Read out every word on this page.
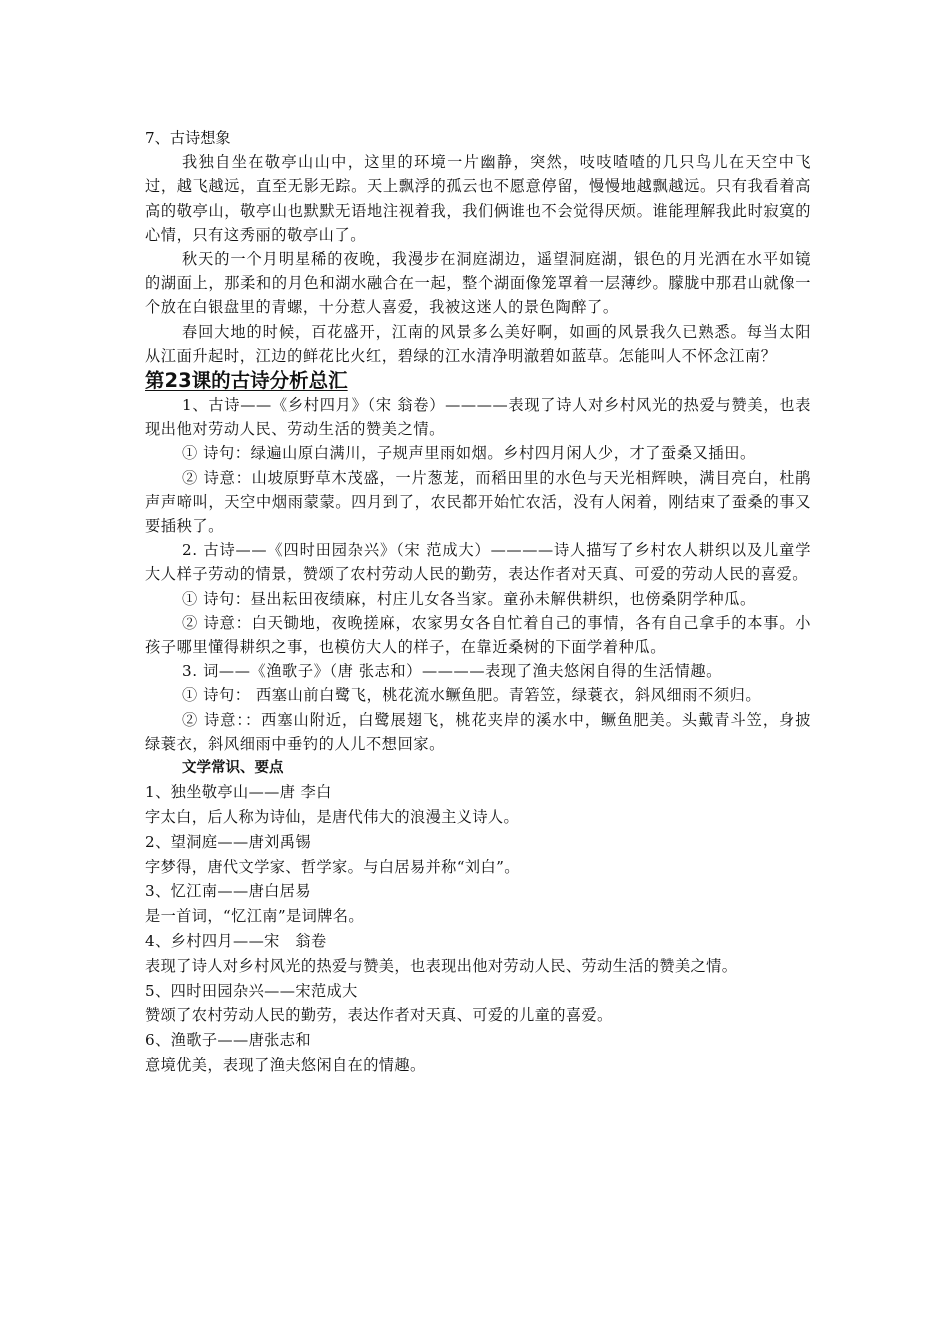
7、古诗想象

我独自坐在敬亭山山中，这里的环境一片幽静，突然，吱吱喳喳的几只鸟儿在天空中飞过，越飞越远，直至无影无踪。天上飘浮的孤云也不愿意停留，慢慢地越飘越远。只有我看着高高的敬亭山，敬亭山也默默无语地注视着我，我们俩谁也不会觉得厌烦。谁能理解我此时寂寞的心情，只有这秀丽的敬亭山了。

秋天的一个月明星稀的夜晚，我漫步在洞庭湖边，遥望洞庭湖，银色的月光洒在水平如镜的湖面上，那柔和的月色和湖水融合在一起，整个湖面像笼罩着一层薄纱。朦胧中那君山就像一个放在白银盘里的青螺，十分惹人喜爱，我被这迷人的景色陶醉了。

春回大地的时候，百花盛开，江南的风景多么美好啊，如画的风景我久已熟悉。每当太阳从江面升起时，江边的鲜花比火红，碧绿的江水清净明澈碧如蓝草。怎能叫人不怀念江南？

第23课的古诗分析总汇

1、古诗——《乡村四月》（宋 翁卷）————表现了诗人对乡村风光的热爱与赞美，也表现出他对劳动人民、劳动生活的赞美之情。

① 诗句：绿遍山原白满川，子规声里雨如烟。乡村四月闲人少，才了蚕桑又插田。

② 诗意：山坡原野草木茂盛，一片葱茏，而稻田里的水色与天光相辉映，满目亮白，杜鹃声声啼叫，天空中烟雨蒙蒙。四月到了，农民都开始忙农活，没有人闲着，刚结束了蚕桑的事又要插秧了。

2. 古诗——《四时田园杂兴》（宋 范成大）————诗人描写了乡村农人耕织以及儿童学大人样子劳动的情景，赞颂了农村劳动人民的勤劳，表达作者对天真、可爱的劳动人民的喜爱。

① 诗句：昼出耘田夜绩麻，村庄儿女各当家。童孙未解供耕织，也傍桑阴学种瓜。

② 诗意：白天锄地，夜晚搓麻，农家男女各自忙着自己的事情，各有自己拿手的本事。小孩子哪里懂得耕织之事，也模仿大人的样子，在靠近桑树的下面学着种瓜。

3. 词——《渔歌子》（唐 张志和）————表现了渔夫悠闲自得的生活情趣。

① 诗句： 西塞山前白鹭飞，桃花流水鳜鱼肥。青箬笠，绿蓑衣，斜风细雨不须归。

② 诗意：：西塞山附近，白鹭展翅飞，桃花夹岸的溪水中，鳜鱼肥美。头戴青斗笠，身披绿蓑衣，斜风细雨中垂钓的人儿不想回家。

文学常识、要点

1、独坐敬亭山——唐 李白

字太白，后人称为诗仙，是唐代伟大的浪漫主义诗人。

2、望洞庭——唐刘禹锡

字梦得，唐代文学家、哲学家。与白居易并称“刘白”。

3、忆江南——唐白居易

是一首词，“忆江南”是词牌名。

4、乡村四月——宋　翁卷

表现了诗人对乡村风光的热爱与赞美，也表现出他对劳动人民、劳动生活的赞美之情。

5、四时田园杂兴——宋范成大

赞颂了农村劳动人民的勤劳，表达作者对天真、可爱的儿童的喜爱。

6、渔歌子——唐张志和

意境优美，表现了渔夫悠闲自在的情趣。
